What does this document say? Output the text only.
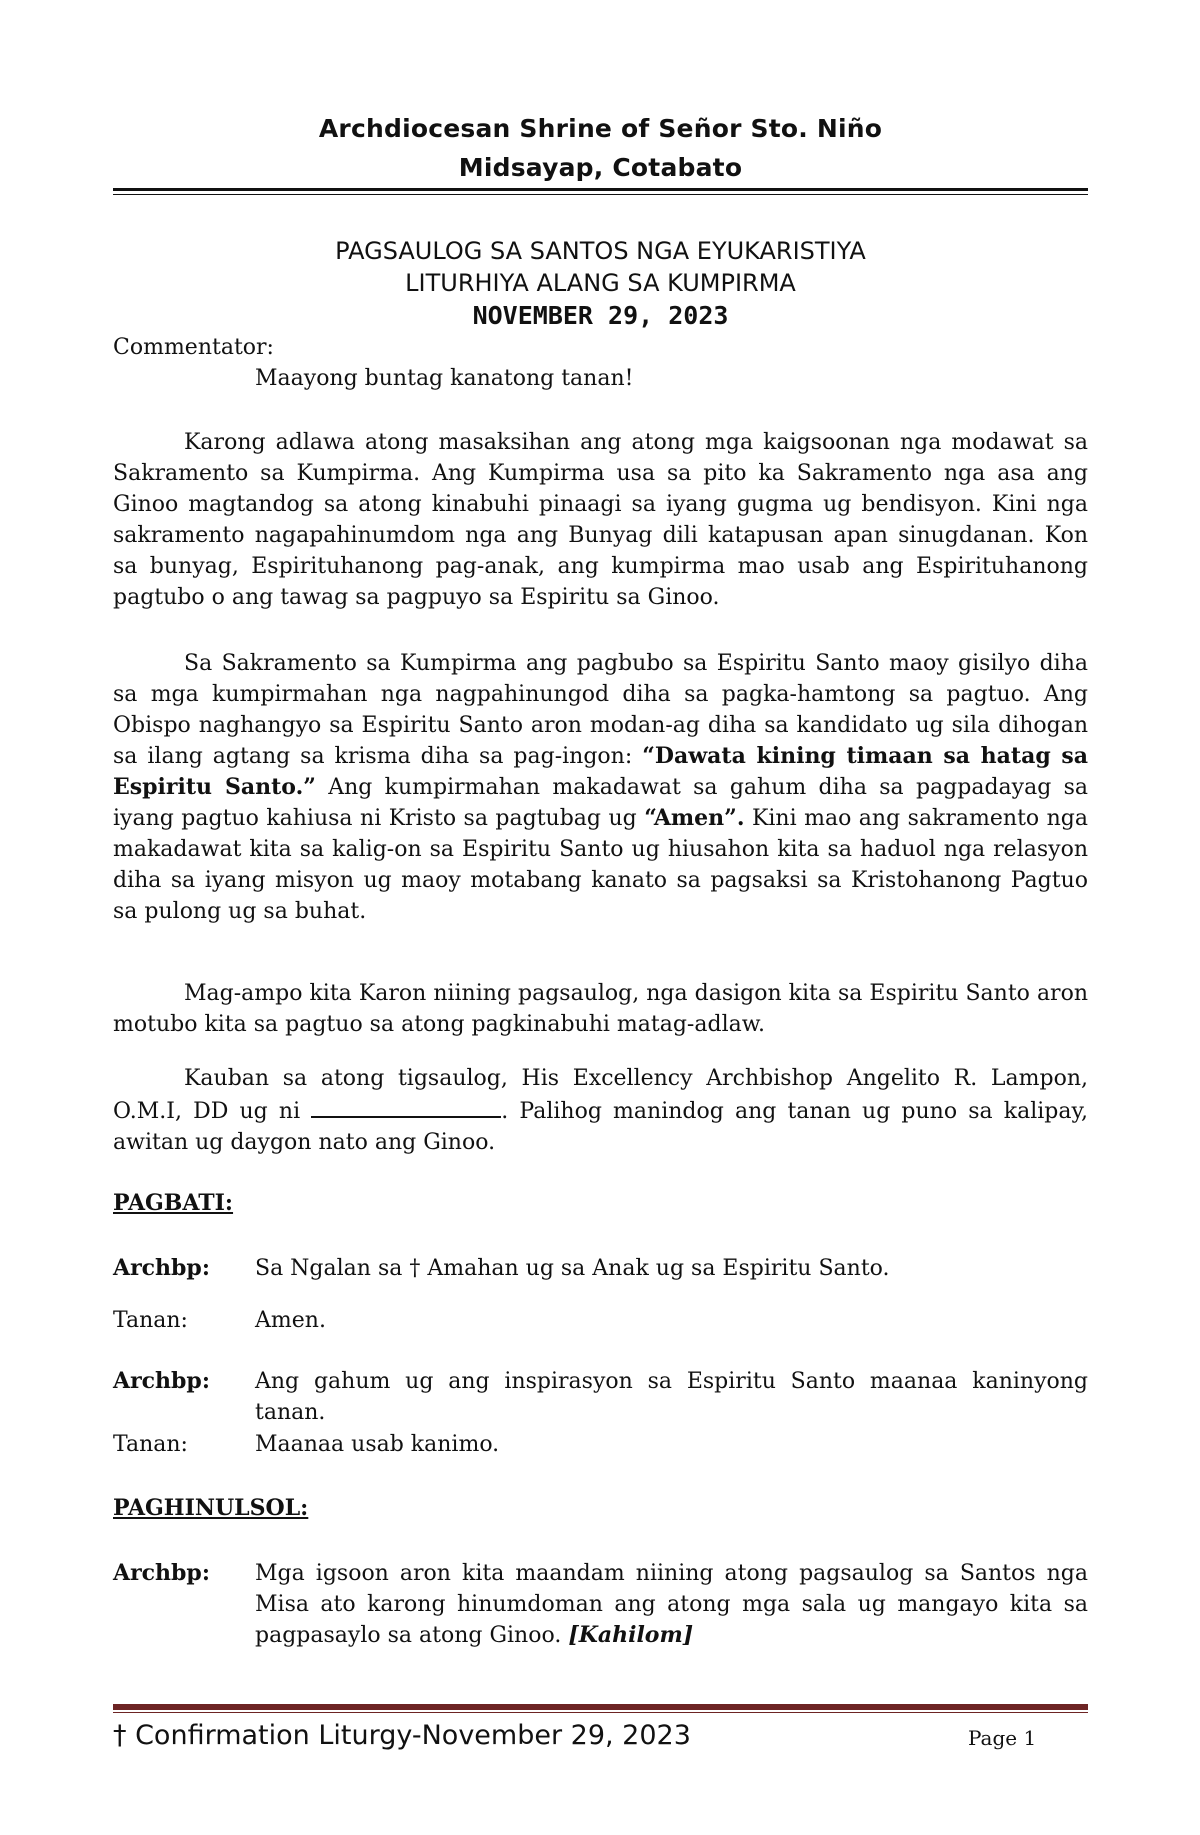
Archdiocesan Shrine of Señor Sto. Niño
Midsayap, Cotabato
PAGSAULOG SA SANTOS NGA EYUKARISTIYA
LITURHIYA ALANG SA KUMPIRMA
NOVEMBER 29, 2023
Commentator:
Maayong buntag kanatong tanan!
Karong adlawa atong masaksihan ang atong mga kaigsoonan nga modawat sa Sakramento sa Kumpirma. Ang Kumpirma usa sa pito ka Sakramento nga asa ang Ginoo magtandog sa atong kinabuhi pinaagi sa iyang gugma ug bendisyon. Kini nga sakramento nagapahinumdom nga ang Bunyag dili katapusan apan sinugdanan. Kon sa bunyag, Espirituhanong pag-anak, ang kumpirma mao usab ang Espirituhanong pagtubo o ang tawag sa pagpuyo sa Espiritu sa Ginoo.
Sa Sakramento sa Kumpirma ang pagbubo sa Espiritu Santo maoy gisilyo diha sa mga kumpirmahan nga nagpahinungod diha sa pagka-hamtong sa pagtuo. Ang Obispo naghangyo sa Espiritu Santo aron modan-ag diha sa kandidato ug sila dihogan sa ilang agtang sa krisma diha sa pag-ingon: “Dawata kining timaan sa hatag sa Espiritu Santo.” Ang kumpirmahan makadawat sa gahum diha sa pagpadayag sa iyang pagtuo kahiusa ni Kristo sa pagtubag ug “Amen”. Kini mao ang sakramento nga makadawat kita sa kalig-on sa Espiritu Santo ug hiusahon kita sa haduol nga relasyon diha sa iyang misyon ug maoy motabang kanato sa pagsaksi sa Kristohanong Pagtuo sa pulong ug sa buhat.
Mag-ampo kita Karon niining pagsaulog, nga dasigon kita sa Espiritu Santo aron motubo kita sa pagtuo sa atong pagkinabuhi matag-adlaw.
Kauban sa atong tigsaulog, His Excellency Archbishop Angelito R. Lampon, O.M.I, DD ug ni	. Palihog manindog ang tanan ug puno sa kalipay, awitan ug daygon nato ang Ginoo.
PAGBATI:
Archbp:	Sa Ngalan sa † Amahan ug sa Anak ug sa Espiritu Santo.
Tanan:	Amen.
Archbp:	Ang gahum ug ang inspirasyon sa Espiritu Santo maanaa kaninyong tanan.
Tanan:	Maanaa usab kanimo.
PAGHINULSOL:
Archbp:	Mga igsoon aron kita maandam niining atong pagsaulog sa Santos nga Misa ato karong hinumdoman ang atong mga sala ug mangayo kita sa pagpasaylo sa atong Ginoo. [Kahilom]
† Confirmation Liturgy-November 29, 2023	Page 1
